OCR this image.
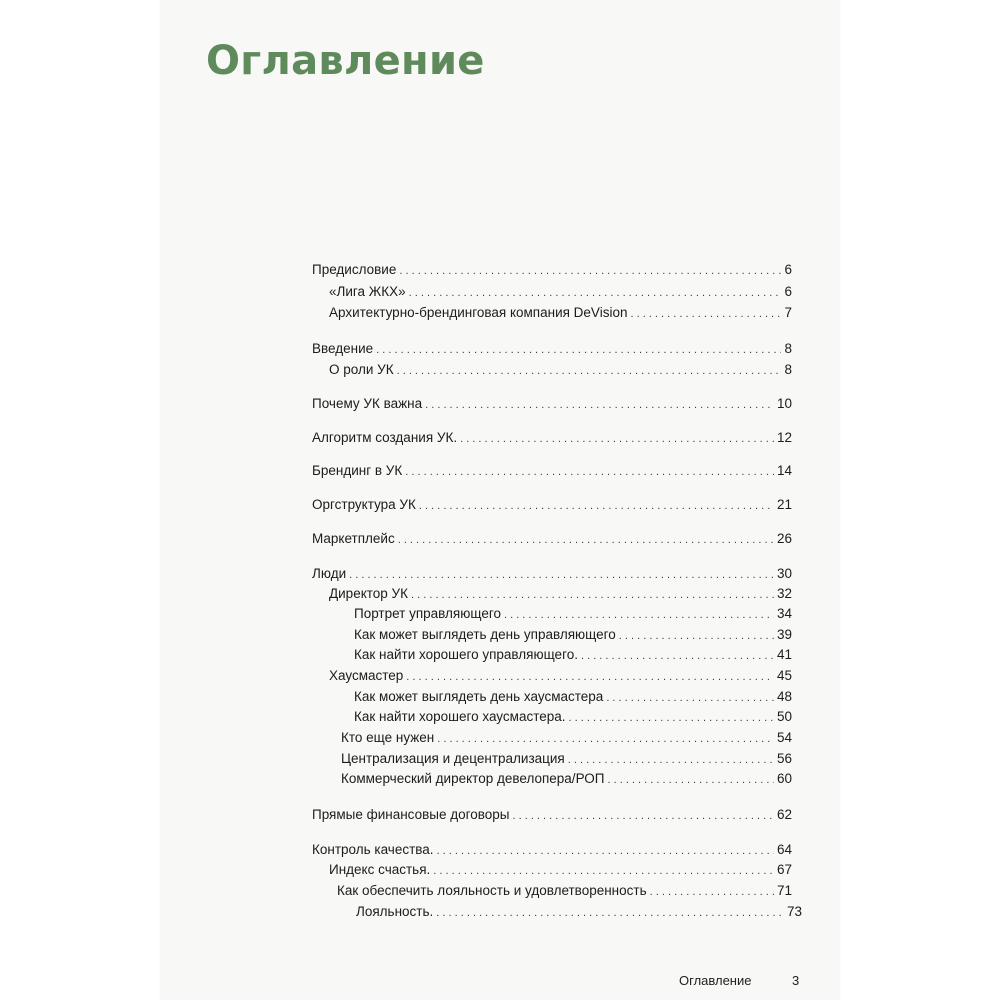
Оглавление
Предисловие . . .	6
«Лига ЖКХ» . . .	6
Архитектурно-брендинговая компания DeVision . . .	7
Введение . . .	8
О роли УК . . .	8
Почему УК важна . . .	10
Алгоритм создания УК. . . .	12
Брендинг в УК . . .	14
Оргструктура УК . . .	21
Маркетплейс . . .	26
Люди . . .	30
Директор УК . . .	32
Портрет управляющего . . .	34
Как может выглядеть день управляющего . . .	39
Как найти хорошего управляющего. . . .	41
Хаусмастер . . .	45
Как может выглядеть день хаусмастера . . .	48
Как найти хорошего хаусмастера. . . .	50
Кто еще нужен . . .	54
Централизация и децентрализация . . .	56
Коммерческий директор девелопера/РОП . . .	60
Прямые финансовые договоры . . .	62
Контроль качества. . . .	64
Индекс счастья. . . .	67
Как обеспечить лояльность и удовлетворенность . . .	71
Лояльность. . . .	73
Оглавление	3
